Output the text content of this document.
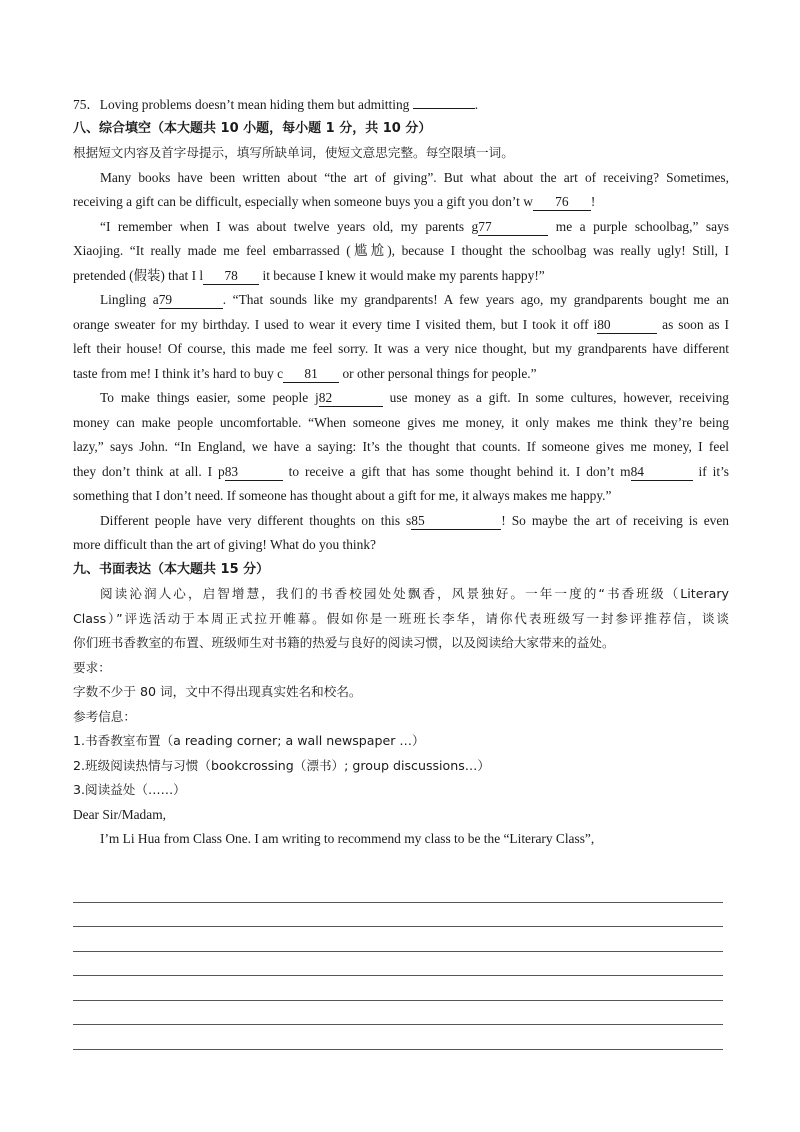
75．Loving problems doesn’t mean hiding them but admitting	.
八、综合填空（本大题共 10 小题，每小题 1 分，共 10 分）
根据短文内容及首字母提示，填写所缺单词，使短文意思完整。每空限填一词。
Many books have been written about “the art of giving”. But what about the art of receiving? Sometimes,
receiving a gift can be difficult, especially when someone buys you a gift you don’t w 76 !
“I remember when I was about twelve years old, my parents g77	me a purple schoolbag,” says
Xiaojing. “It really made me feel embarrassed (尴尬), because I thought the schoolbag was really ugly! Still, I
pretended (假装) that I l 78 it because I knew it would make my parents happy!”
Lingling a79	. “That sounds like my grandparents! A few years ago, my grandparents bought me an
orange sweater for my birthday. I used to wear it every time I visited them, but I took it off i80	as soon as I
left their house! Of course, this made me feel sorry. It was a very nice thought, but my grandparents have different
taste from me! I think it’s hard to buy c 81 or other personal things for people.”
To make things easier, some people j82	use money as a gift. In some cultures, however, receiving
money can make people uncomfortable. “When someone gives me money, it only makes me think they’re being
lazy,” says John. “In England, we have a saying: It’s the thought that counts. If someone gives me money, I feel
they don’t think at all. I p83	to receive a gift that has some thought behind it. I don’t m84	if it’s
something that I don’t need. If someone has thought about a gift for me, it always makes me happy.”
Different people have very different thoughts on this s85	! So maybe the art of receiving is even
more difficult than the art of giving! What do you think?
九、书面表达（本大题共 15 分）
阅读沁润人心，启智增慧，我们的书香校园处处飘香，风景独好。一年一度的“书香班级（Literary
Class）”评选活动于本周正式拉开帷幕。假如你是一班班长李华，请你代表班级写一封参评推荐信，谈谈
你们班书香教室的布置、班级师生对书籍的热爱与良好的阅读习惯，以及阅读给大家带来的益处。
要求：
字数不少于 80 词，文中不得出现真实姓名和校名。
参考信息：
1.书香教室布置（a reading corner; a wall newspaper …）
2.班级阅读热情与习惯（bookcrossing（漂书）; group discussions…）
3.阅读益处（……）
Dear Sir/Madam,
I’m Li Hua from Class One. I am writing to recommend my class to be the “Literary Class”,
